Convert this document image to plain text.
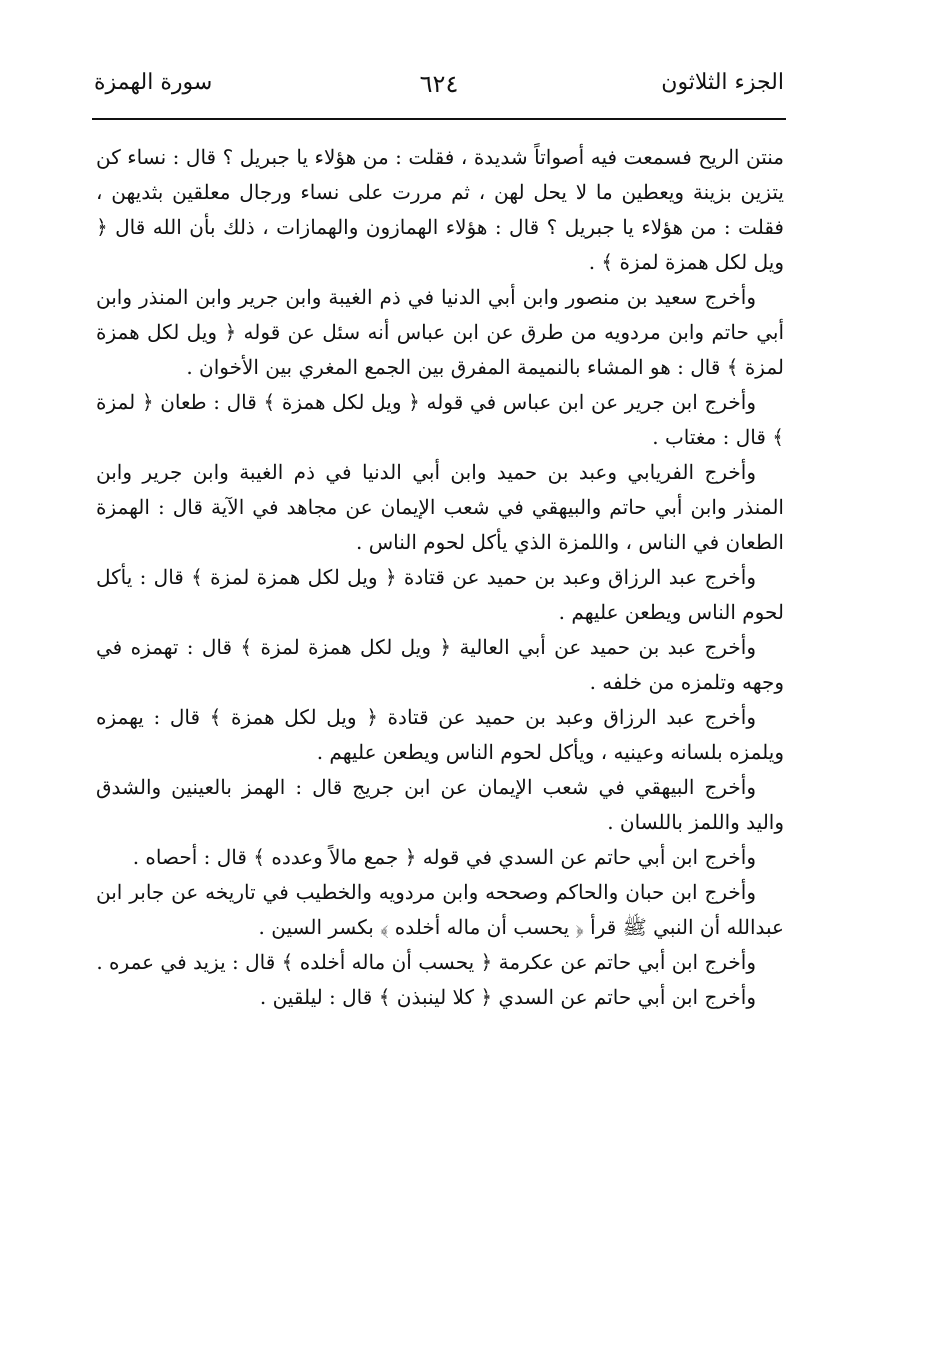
الجزء الثلاثون
٦٢٤
سورة الهمزة

منتن الريح فسمعت فيه أصواتاً شديدة ، فقلت : من هؤلاء يا جبريل ؟ قال : نساء كن يتزين بزينة ويعطين ما لا يحل لهن ، ثم مررت على نساء ورجال معلقين بثديهن ، فقلت : من هؤلاء يا جبريل ؟ قال : هؤلاء الهمازون والهمازات ، ذلك بأن الله قال ﴿ ويل لكل همزة لمزة ﴾ .

وأخرج سعيد بن منصور وابن أبي الدنيا في ذم الغيبة وابن جرير وابن المنذر وابن أبي حاتم وابن مردويه من طرق عن ابن عباس أنه سئل عن قوله ﴿ ويل لكل همزة لمزة ﴾ قال : هو المشاء بالنميمة المفرق بين الجمع المغري بين الأخوان .

وأخرج ابن جرير عن ابن عباس في قوله ﴿ ويل لكل همزة ﴾ قال : طعان ﴿ لمزة ﴾ قال : مغتاب .

وأخرج الفريابي وعبد بن حميد وابن أبي الدنيا في ذم الغيبة وابن جرير وابن المنذر وابن أبي حاتم والبيهقي في شعب الإيمان عن مجاهد في الآية قال : الهمزة الطعان في الناس ، واللمزة الذي يأكل لحوم الناس .

وأخرج عبد الرزاق وعبد بن حميد عن قتادة ﴿ ويل لكل همزة لمزة ﴾ قال : يأكل لحوم الناس ويطعن عليهم .

وأخرج عبد بن حميد عن أبي العالية ﴿ ويل لكل همزة لمزة ﴾ قال : تهمزه في وجهه وتلمزه من خلفه .

وأخرج عبد الرزاق وعبد بن حميد عن قتادة ﴿ ويل لكل همزة ﴾ قال : يهمزه ويلمزه بلسانه وعينيه ، ويأكل لحوم الناس ويطعن عليهم .

وأخرج البيهقي في شعب الإيمان عن ابن جريج قال : الهمز بالعينين والشدق واليد واللمز باللسان .

وأخرج ابن أبي حاتم عن السدي في قوله ﴿ جمع مالاً وعدده ﴾ قال : أحصاه .

وأخرج ابن حبان والحاكم وصححه وابن مردويه والخطيب في تاريخه عن جابر ابن عبدالله أن النبي ﷺ قرأ ﴿ يحسب أن ماله أخلده ﴾ بكسر السين .

وأخرج ابن أبي حاتم عن عكرمة ﴿ يحسب أن ماله أخلده ﴾ قال : يزيد في عمره .

وأخرج ابن أبي حاتم عن السدي ﴿ كلا لينبذن ﴾ قال : ليلقين .
